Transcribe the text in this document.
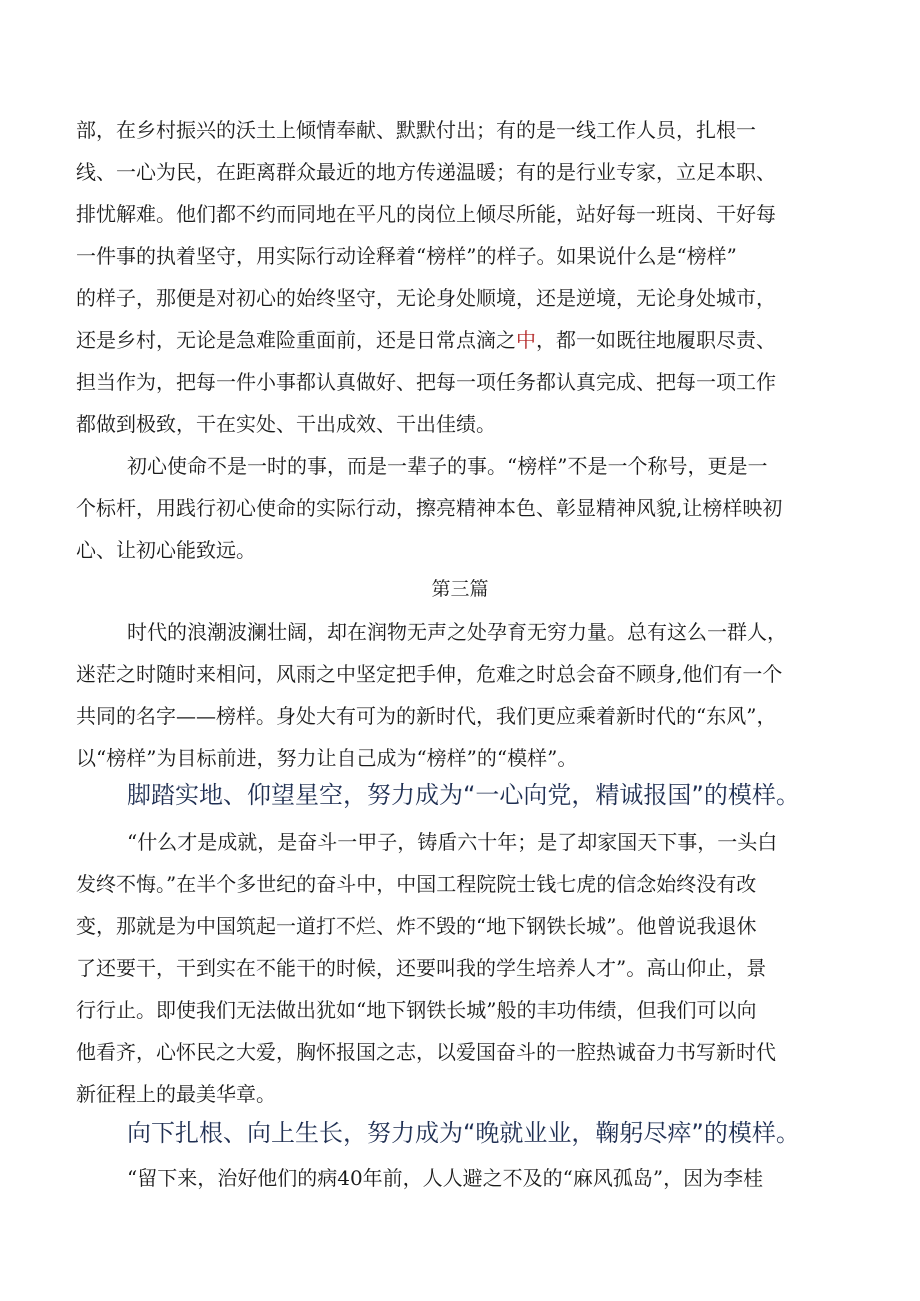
部，在乡村振兴的沃土上倾情奉献、默默付出；有的是一线工作人员，扎根一
线、一心为民，在距离群众最近的地方传递温暖；有的是行业专家，立足本职、
排忧解难。他们都不约而同地在平凡的岗位上倾尽所能，站好每一班岗、干好每
一件事的执着坚守，用实际行动诠释着“榜样”的样子。如果说什么是“榜样”
的样子，那便是对初心的始终坚守，无论身处顺境，还是逆境，无论身处城市，
还是乡村，无论是急难险重面前，还是日常点滴之中，都一如既往地履职尽责、
担当作为，把每一件小事都认真做好、把每一项任务都认真完成、把每一项工作
都做到极致，干在实处、干出成效、干出佳绩。
初心使命不是一时的事，而是一辈子的事。“榜样”不是一个称号，更是一
个标杆，用践行初心使命的实际行动，擦亮精神本色、彰显精神风貌,让榜样映初
心、让初心能致远。
第三篇
时代的浪潮波澜壮阔，却在润物无声之处孕育无穷力量。总有这么一群人，
迷茫之时随时来相问，风雨之中坚定把手伸，危难之时总会奋不顾身,他们有一个
共同的名字——榜样。身处大有可为的新时代，我们更应乘着新时代的“东风”，
以“榜样”为目标前进，努力让自己成为“榜样”的“模样”。
脚踏实地、仰望星空，努力成为“一心向党，精诚报国”的模样。
“什么才是成就，是奋斗一甲子，铸盾六十年；是了却家国天下事，一头白
发终不悔。”在半个多世纪的奋斗中，中国工程院院士钱七虎的信念始终没有改
变，那就是为中国筑起一道打不烂、炸不毁的“地下钢铁长城”。他曾说我退休
了还要干，干到实在不能干的时候，还要叫我的学生培养人才”。高山仰止，景
行行止。即使我们无法做出犹如“地下钢铁长城”般的丰功伟绩，但我们可以向
他看齐，心怀民之大爱，胸怀报国之志，以爱国奋斗的一腔热诚奋力书写新时代
新征程上的最美华章。
向下扎根、向上生长，努力成为“晚就业业，鞠躬尽瘁”的模样。
“留下来，治好他们的病40年前，人人避之不及的“麻风孤岛”，因为李桂
